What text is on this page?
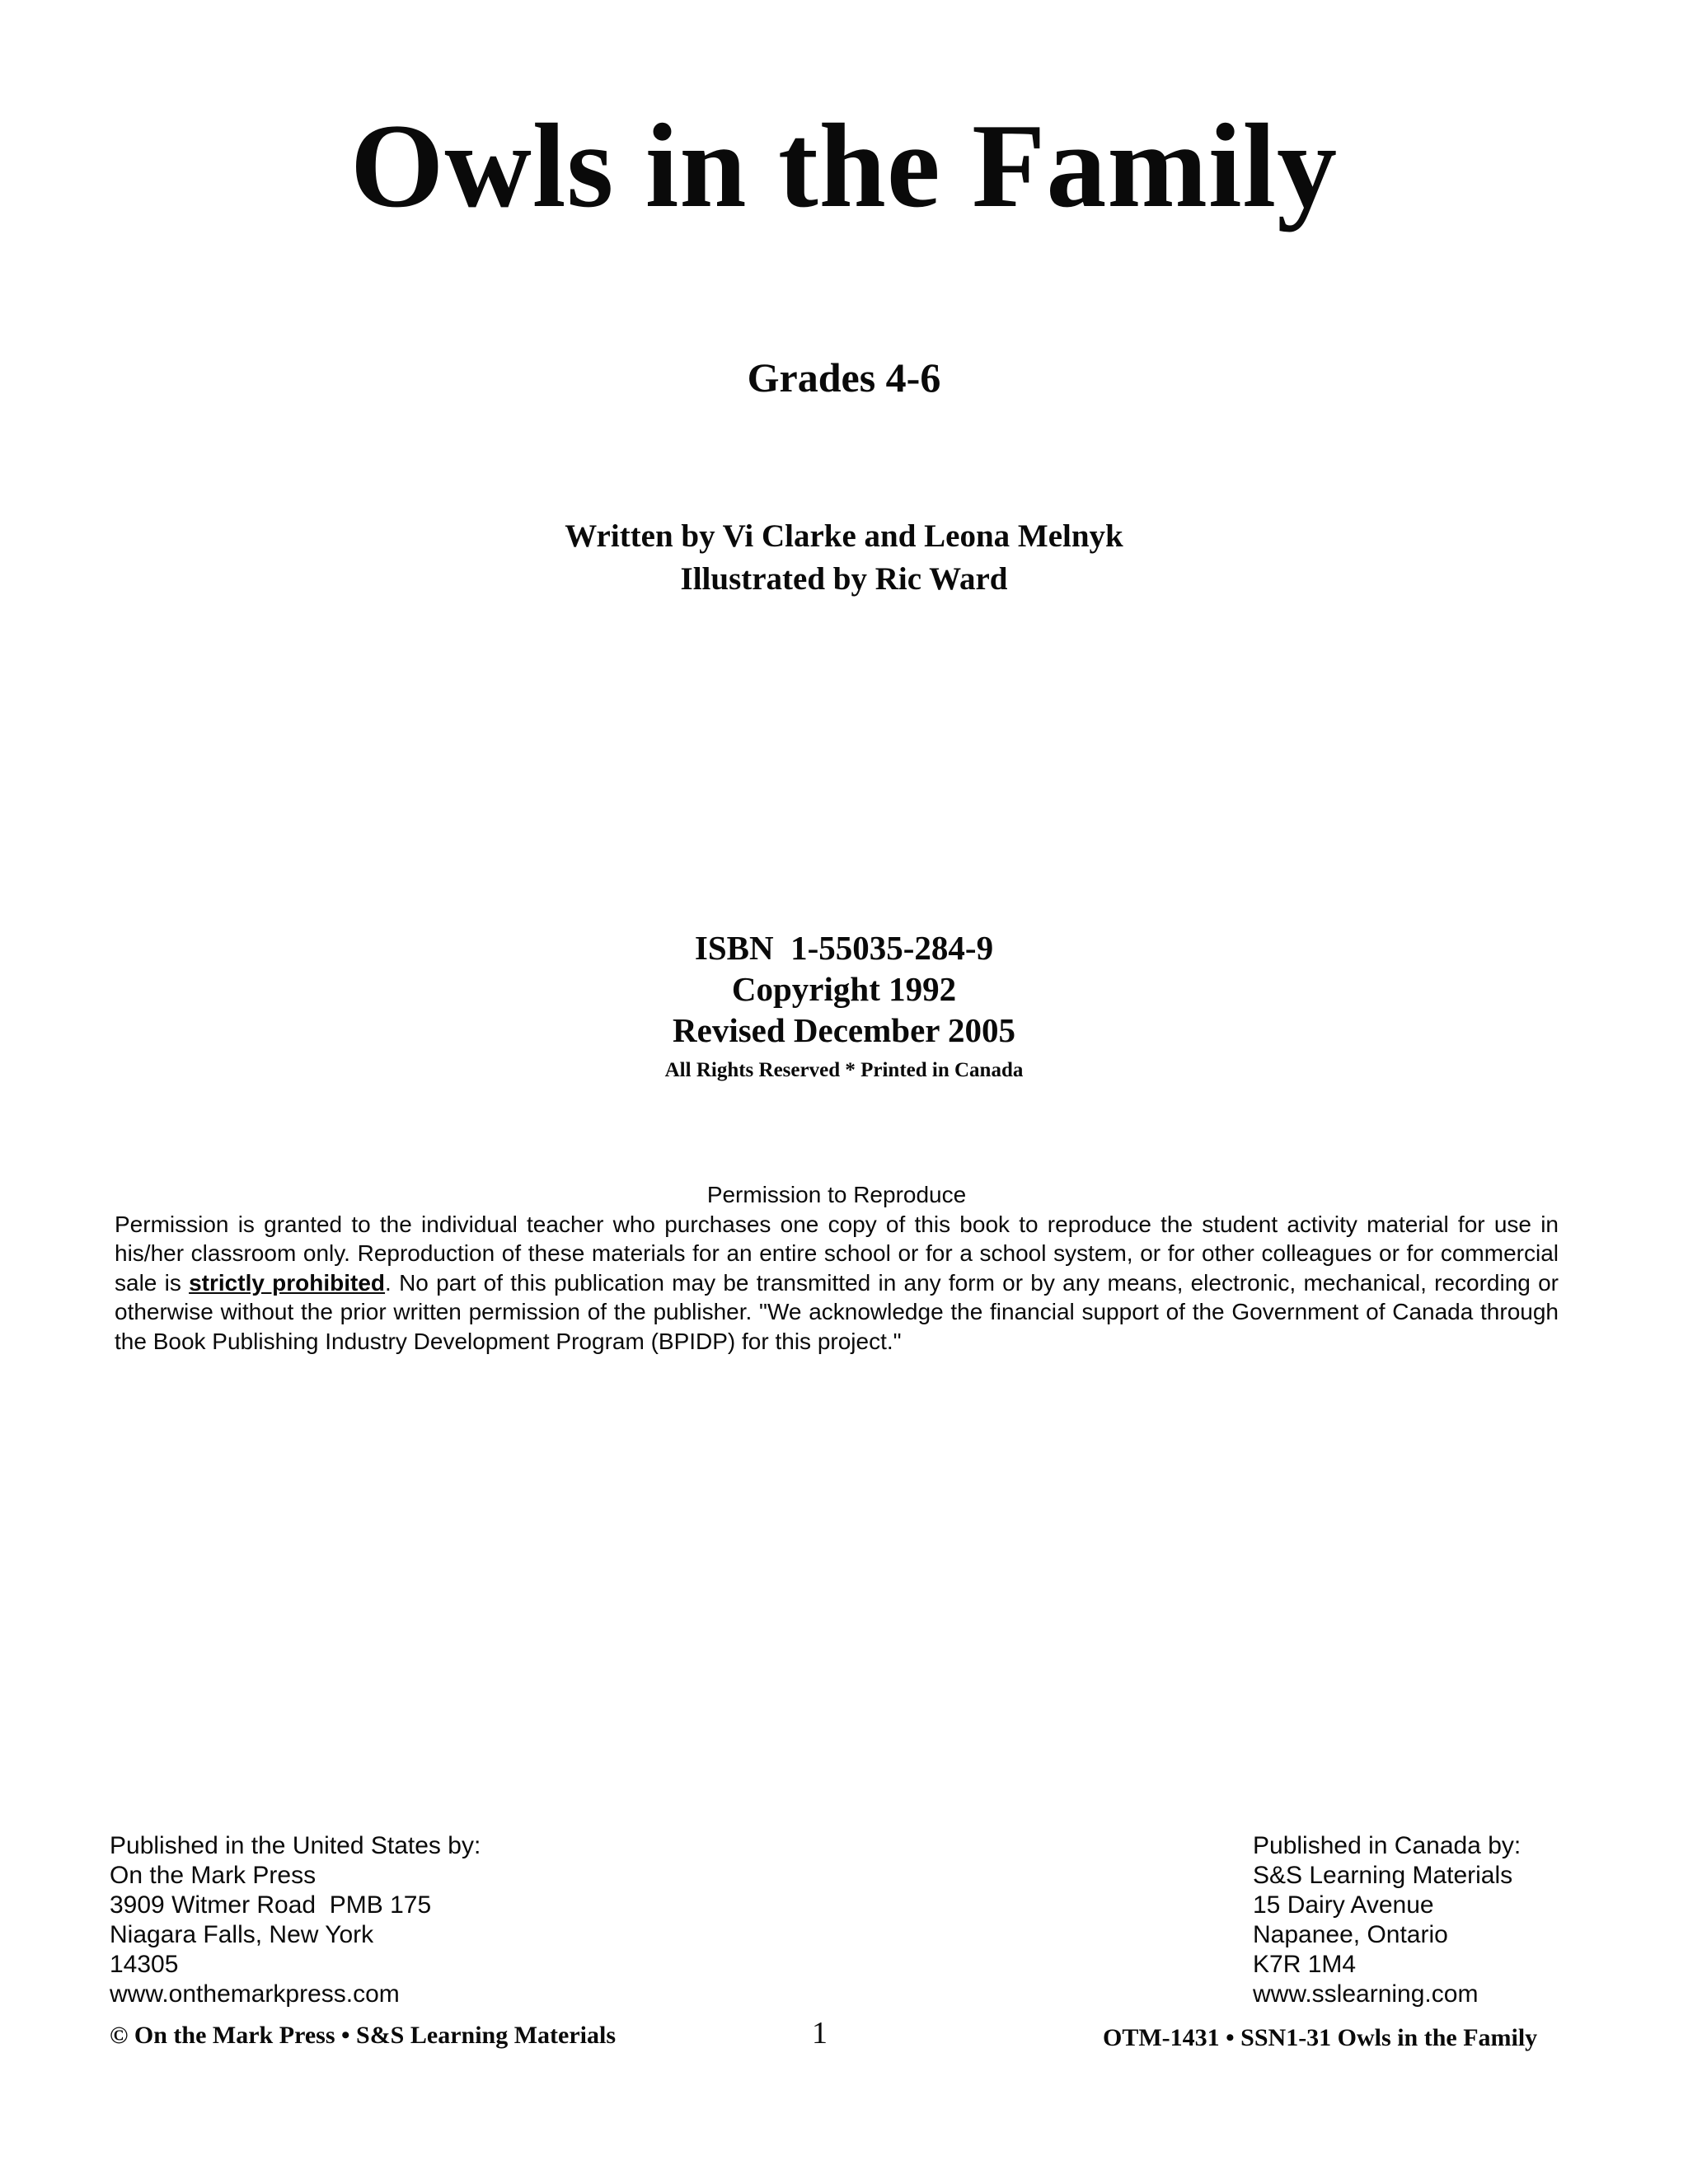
Owls in the Family
Grades 4-6
Written by Vi Clarke and Leona Melnyk
Illustrated by Ric Ward
ISBN  1-55035-284-9
Copyright 1992
Revised December 2005
All Rights Reserved * Printed in Canada
Permission to Reproduce
Permission is granted to the individual teacher who purchases one copy of this book to reproduce the student activity material for use in his/her classroom only. Reproduction of these materials for an entire school or for a school system, or for other colleagues or for commercial sale is strictly prohibited. No part of this publication may be transmitted in any form or by any means, electronic, mechanical, recording or otherwise without the prior written permission of the publisher. "We acknowledge the financial support of the Government of Canada through the Book Publishing Industry Development Program (BPIDP) for this project."
Published in the United States by:
On the Mark Press
3909 Witmer Road  PMB 175
Niagara Falls, New York
14305
www.onthemarkpress.com
Published in Canada by:
S&S Learning Materials
15 Dairy Avenue
Napanee, Ontario
K7R 1M4
www.sslearning.com
© On the Mark Press • S&S Learning Materials	1	OTM-1431 • SSN1-31 Owls in the Family
